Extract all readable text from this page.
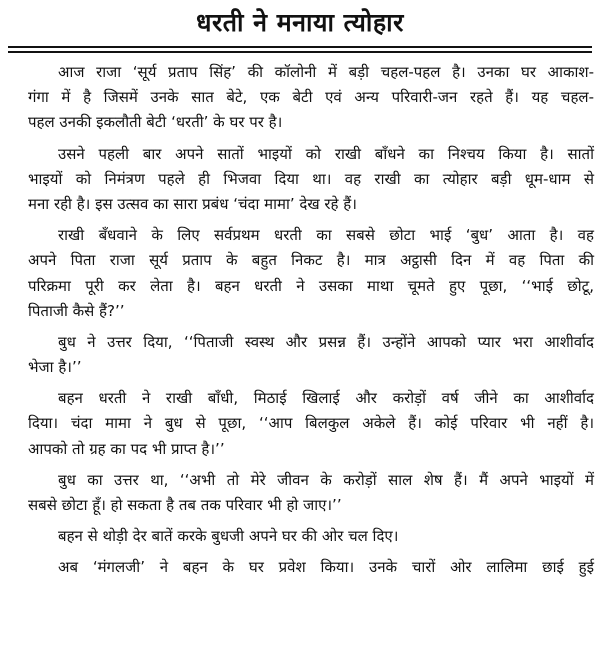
धरती ने मनाया त्योहार
आज राजा ‘सूर्य प्रताप सिंह’ की कॉलोनी में बड़ी चहल-पहल है। उनका घर आकाश-
गंगा में है जिसमें उनके सात बेटे, एक बेटी एवं अन्य परिवारी-जन रहते हैं। यह चहल-
पहल उनकी इकलौती बेटी ‘धरती’ के घर पर है।
उसने पहली बार अपने सातों भाइयों को राखी बाँधने का निश्चय किया है। सातों
भाइयों को निमंत्रण पहले ही भिजवा दिया था। वह राखी का त्योहार बड़ी धूम-धाम से
मना रही है। इस उत्सव का सारा प्रबंध ‘चंदा मामा’ देख रहे हैं।
राखी बँधवाने के लिए सर्वप्रथम धरती का सबसे छोटा भाई ‘बुध’ आता है। वह
अपने पिता राजा सूर्य प्रताप के बहुत निकट है। मात्र अट्ठासी दिन में वह पिता की
परिक्रमा पूरी कर लेता है। बहन धरती ने उसका माथा चूमते हुए पूछा, ‘‘भाई छोटू,
पिताजी कैसे हैं?’’
बुध ने उत्तर दिया, ‘‘पिताजी स्वस्थ और प्रसन्न हैं। उन्होंने आपको प्यार भरा आशीर्वाद
भेजा है।’’
बहन धरती ने राखी बाँधी, मिठाई खिलाई और करोड़ों वर्ष जीने का आशीर्वाद
दिया। चंदा मामा ने बुध से पूछा, ‘‘आप बिलकुल अकेले हैं। कोई परिवार भी नहीं है।
आपको तो ग्रह का पद भी प्राप्त है।’’
बुध का उत्तर था, ‘‘अभी तो मेरे जीवन के करोड़ों साल शेष हैं। मैं अपने भाइयों में
सबसे छोटा हूँ। हो सकता है तब तक परिवार भी हो जाए।’’
बहन से थोड़ी देर बातें करके बुधजी अपने घर की ओर चल दिए।
अब ‘मंगलजी’ ने बहन के घर प्रवेश किया। उनके चारों ओर लालिमा छाई हुई
